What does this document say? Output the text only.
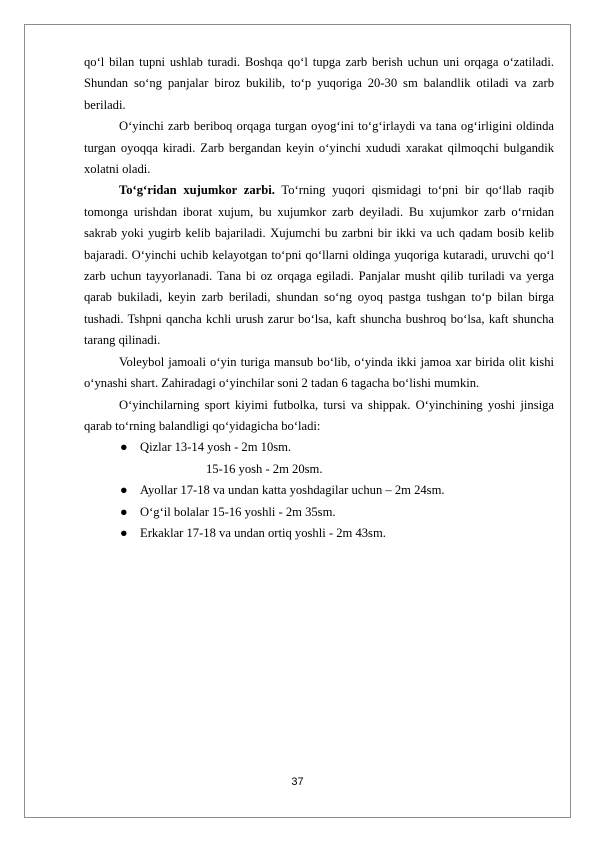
qo‘l bilan tupni ushlab turadi. Boshqa qo‘l tupga zarb berish uchun uni orqaga o‘zatiladi. Shundan so‘ng panjalar biroz bukilib, to‘p yuqoriga 20-30 sm balandlik otiladi va zarb beriladi.

O‘yinchi zarb beriboq orqaga turgan oyog‘ini to‘g‘irlaydi va tana og‘irligini oldinda turgan oyoqqa kiradi. Zarb bergandan keyin o‘yinchi xududi xarakat qilmoqchi bulgandik xolatni oladi.

To‘g‘ridan xujumkor zarbi. To‘rning yuqori qismidagi to‘pni bir qo‘llab raqib tomonga urishdan iborat xujum, bu xujumkor zarb deyiladi. Bu xujumkor zarb o‘rnidan sakrab yoki yugirb kelib bajariladi. Xujumchi bu zarbni bir ikki va uch qadam bosib kelib bajaradi. O‘yinchi uchib kelayotgan to‘pni qo‘llarni oldinga yuqoriga kutaradi, uruvchi qo‘l zarb uchun tayyorlanadi. Tana bi oz orqaga egiladi. Panjalar musht qilib turiladi va yerga qarab bukiladi, keyin zarb beriladi, shundan so‘ng oyoq pastga tushgan to‘p bilan birga tushadi. Tshpni qancha kchli urush zarur bo‘lsa, kaft shuncha bushroq bo‘lsa, kaft shuncha tarang qilinadi.

Voleybol jamoali o‘yin turiga mansub bo‘lib, o‘yinda ikki jamoa xar birida olit kishi o‘ynashi shart. Zahiradagi o‘yinchilar soni 2 tadan 6 tagacha bo‘lishi mumkin.

O‘yinchilarning sport kiyimi futbolka, tursi va shippak. O‘yinchining yoshi jinsiga qarab to‘rning balandligi qo‘yidagicha bo‘ladi:

● Qizlar 13-14 yosh - 2m 10sm.
15-16 yosh - 2m 20sm.
● Ayollar 17-18 va undan katta yoshdagilar uchun – 2m 24sm.
● O‘g‘il bolalar 15-16 yoshli - 2m 35sm.
● Erkaklar 17-18 va undan ortiq yoshli - 2m 43sm.
37
